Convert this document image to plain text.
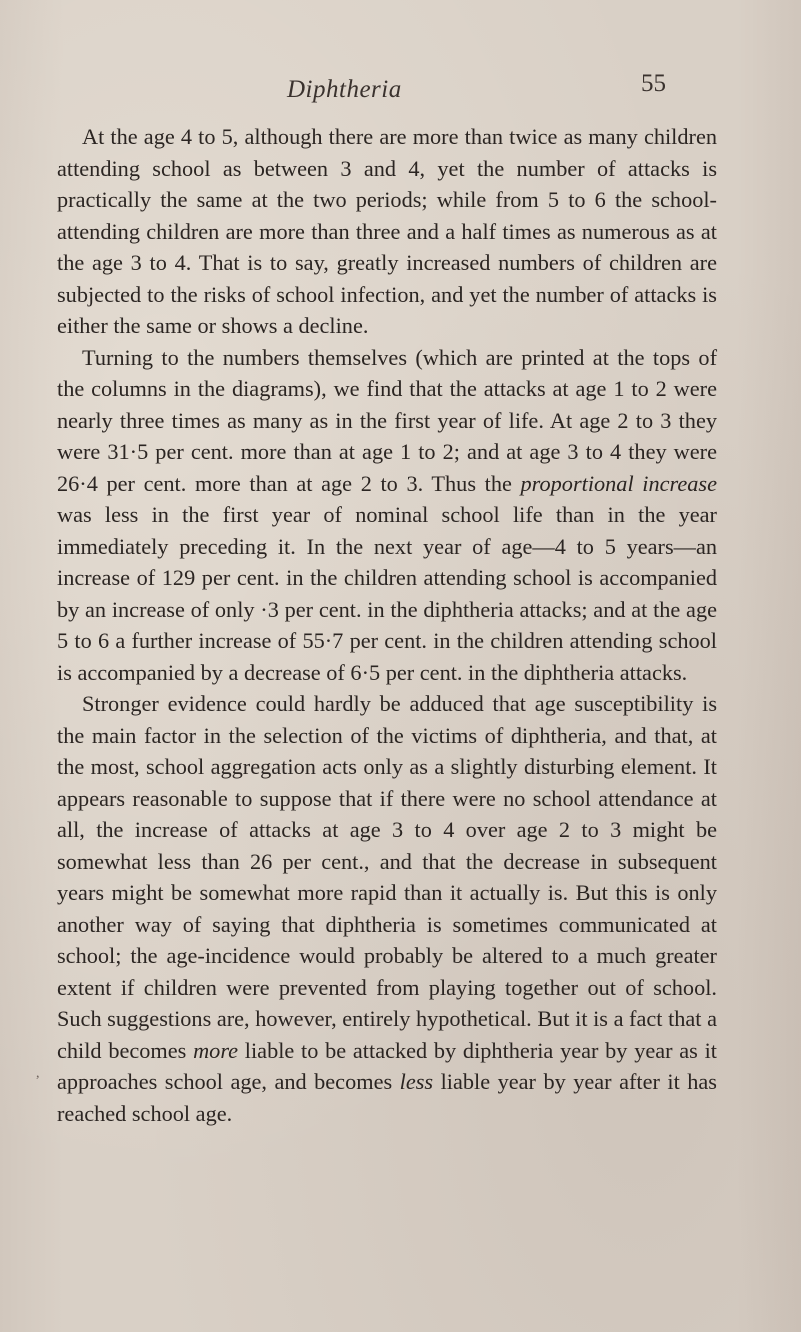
Diphtheria	55

At the age 4 to 5, although there are more than twice as many children attending school as between 3 and 4, yet the number of attacks is practically the same at the two periods; while from 5 to 6 the school-attending children are more than three and a half times as numerous as at the age 3 to 4. That is to say, greatly increased numbers of children are subjected to the risks of school infection, and yet the number of attacks is either the same or shows a decline.

Turning to the numbers themselves (which are printed at the tops of the columns in the diagrams), we find that the attacks at age 1 to 2 were nearly three times as many as in the first year of life. At age 2 to 3 they were 31·5 per cent. more than at age 1 to 2; and at age 3 to 4 they were 26·4 per cent. more than at age 2 to 3. Thus the proportional increase was less in the first year of nominal school life than in the year immediately preceding it. In the next year of age—4 to 5 years—an increase of 129 per cent. in the children attending school is accompanied by an increase of only ·3 per cent. in the diphtheria attacks; and at the age 5 to 6 a further increase of 55·7 per cent. in the children attending school is accompanied by a decrease of 6·5 per cent. in the diphtheria attacks.

Stronger evidence could hardly be adduced that age susceptibility is the main factor in the selection of the victims of diphtheria, and that, at the most, school aggregation acts only as a slightly disturbing element. It appears reasonable to suppose that if there were no school attendance at all, the increase of attacks at age 3 to 4 over age 2 to 3 might be somewhat less than 26 per cent., and that the decrease in subsequent years might be somewhat more rapid than it actually is. But this is only another way of saying that diphtheria is sometimes communicated at school; the age-incidence would probably be altered to a much greater extent if children were prevented from playing together out of school. Such suggestions are, however, entirely hypothetical. But it is a fact that a child becomes more liable to be attacked by diphtheria year by year as it approaches school age, and becomes less liable year by year after it has reached school age.

,
